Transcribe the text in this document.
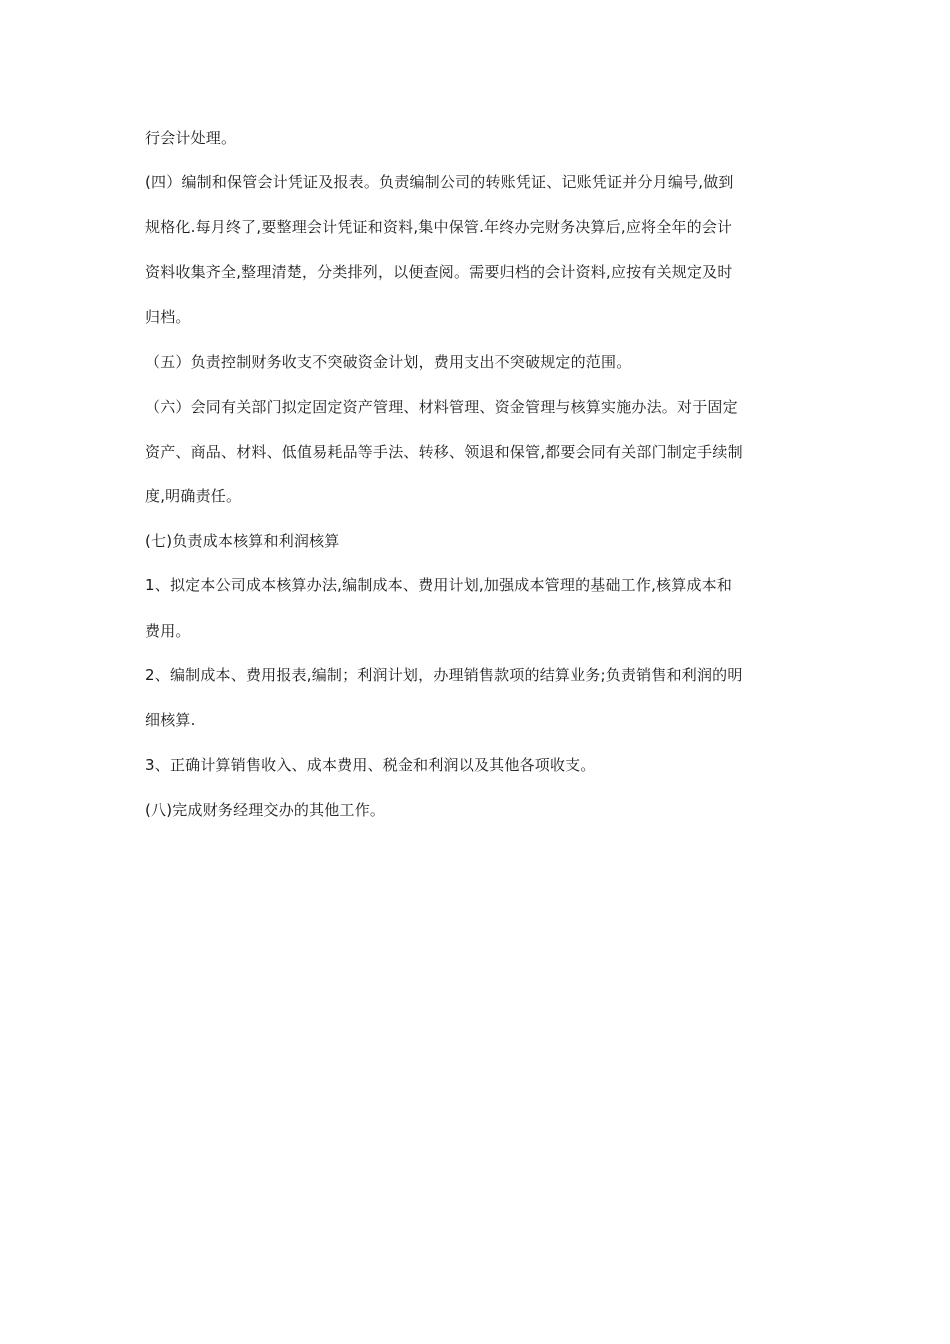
行会计处理。
(四）编制和保管会计凭证及报表。负责编制公司的转账凭证、记账凭证并分月编号,做到
规格化.每月终了,要整理会计凭证和资料,集中保管.年终办完财务决算后,应将全年的会计
资料收集齐全,整理清楚，分类排列，以便查阅。需要归档的会计资料,应按有关规定及时
归档。
（五）负责控制财务收支不突破资金计划，费用支出不突破规定的范围。
（六）会同有关部门拟定固定资产管理、材料管理、资金管理与核算实施办法。对于固定
资产、商品、材料、低值易耗品等手法、转移、领退和保管,都要会同有关部门制定手续制
度,明确责任。
(七)负责成本核算和利润核算
1、拟定本公司成本核算办法,编制成本、费用计划,加强成本管理的基础工作,核算成本和
费用。
2、编制成本、费用报表,编制；利润计划，办理销售款项的结算业务;负责销售和利润的明
细核算.
3、正确计算销售收入、成本费用、税金和利润以及其他各项收支。
(八)完成财务经理交办的其他工作。
